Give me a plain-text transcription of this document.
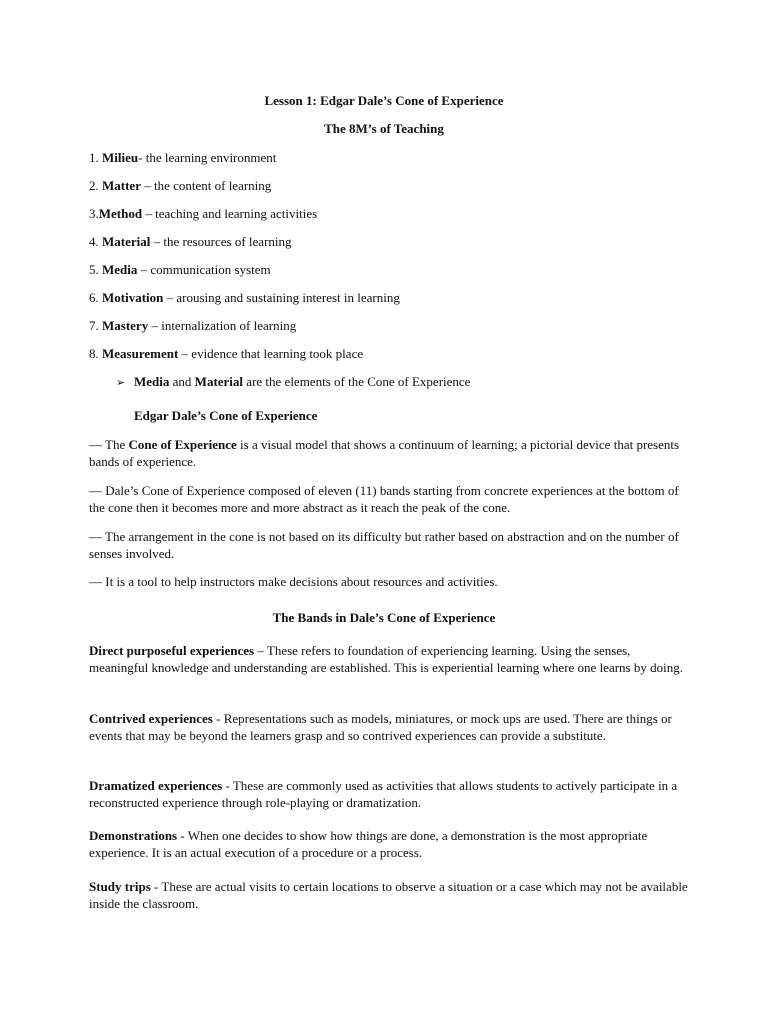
Lesson 1: Edgar Dale’s Cone of Experience
The 8M’s of Teaching
1. Milieu- the learning environment
2. Matter – the content of learning
3.Method – teaching and learning activities
4. Material – the resources of learning
5. Media – communication system
6. Motivation – arousing and sustaining interest in learning
7. Mastery – internalization of learning
8. Measurement – evidence that learning took place
➢ Media and Material are the elements of the Cone of Experience
Edgar Dale’s Cone of Experience
— The Cone of Experience is a visual model that shows a continuum of learning; a pictorial device that presents bands of experience.
— Dale’s Cone of Experience composed of eleven (11) bands starting from concrete experiences at the bottom of the cone then it becomes more and more abstract as it reach the peak of the cone.
— The arrangement in the cone is not based on its difficulty but rather based on abstraction and on the number of senses involved.
— It is a tool to help instructors make decisions about resources and activities.
The Bands in Dale’s Cone of Experience
Direct purposeful experiences – These refers to foundation of experiencing learning. Using the senses, meaningful knowledge and understanding are established. This is experiential learning where one learns by doing.
Contrived experiences - Representations such as models, miniatures, or mock ups are used. There are things or events that may be beyond the learners grasp and so contrived experiences can provide a substitute.
Dramatized experiences - These are commonly used as activities that allows students to actively participate in a reconstructed experience through role-playing or dramatization.
Demonstrations - When one decides to show how things are done, a demonstration is the most appropriate experience. It is an actual execution of a procedure or a process.
Study trips - These are actual visits to certain locations to observe a situation or a case which may not be available inside the classroom.
